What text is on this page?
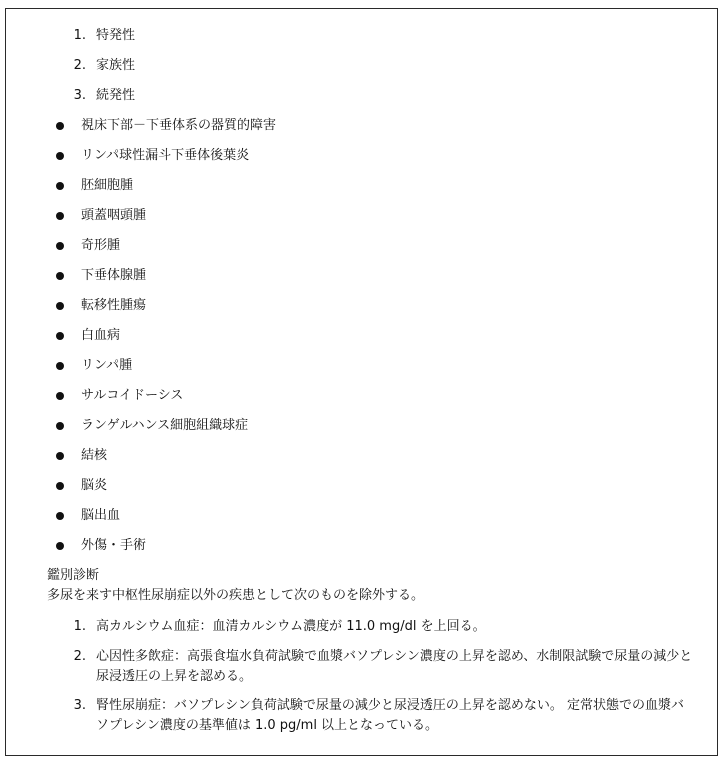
1. 特発性
2. 家族性
3. 続発性
視床下部－下垂体系の器質的障害
リンパ球性漏斗下垂体後葉炎
胚細胞腫
頭蓋咽頭腫
奇形腫
下垂体腺腫
転移性腫瘍
白血病
リンパ腫
サルコイドーシス
ランゲルハンス細胞組織球症
結核
脳炎
脳出血
外傷・手術
鑑別診断
多尿を来す中枢性尿崩症以外の疾患として次のものを除外する。
1. 高カルシウム血症：血清カルシウム濃度が 11.0 mg/dl を上回る。
2. 心因性多飲症：高張食塩水負荷試験で血漿バソプレシン濃度の上昇を認め、水制限試験で尿量の減少と尿浸透圧の上昇を認める。
3. 腎性尿崩症：バソプレシン負荷試験で尿量の減少と尿浸透圧の上昇を認めない。 定常状態での血漿バソプレシン濃度の基準値は 1.0 pg/ml 以上となっている。
